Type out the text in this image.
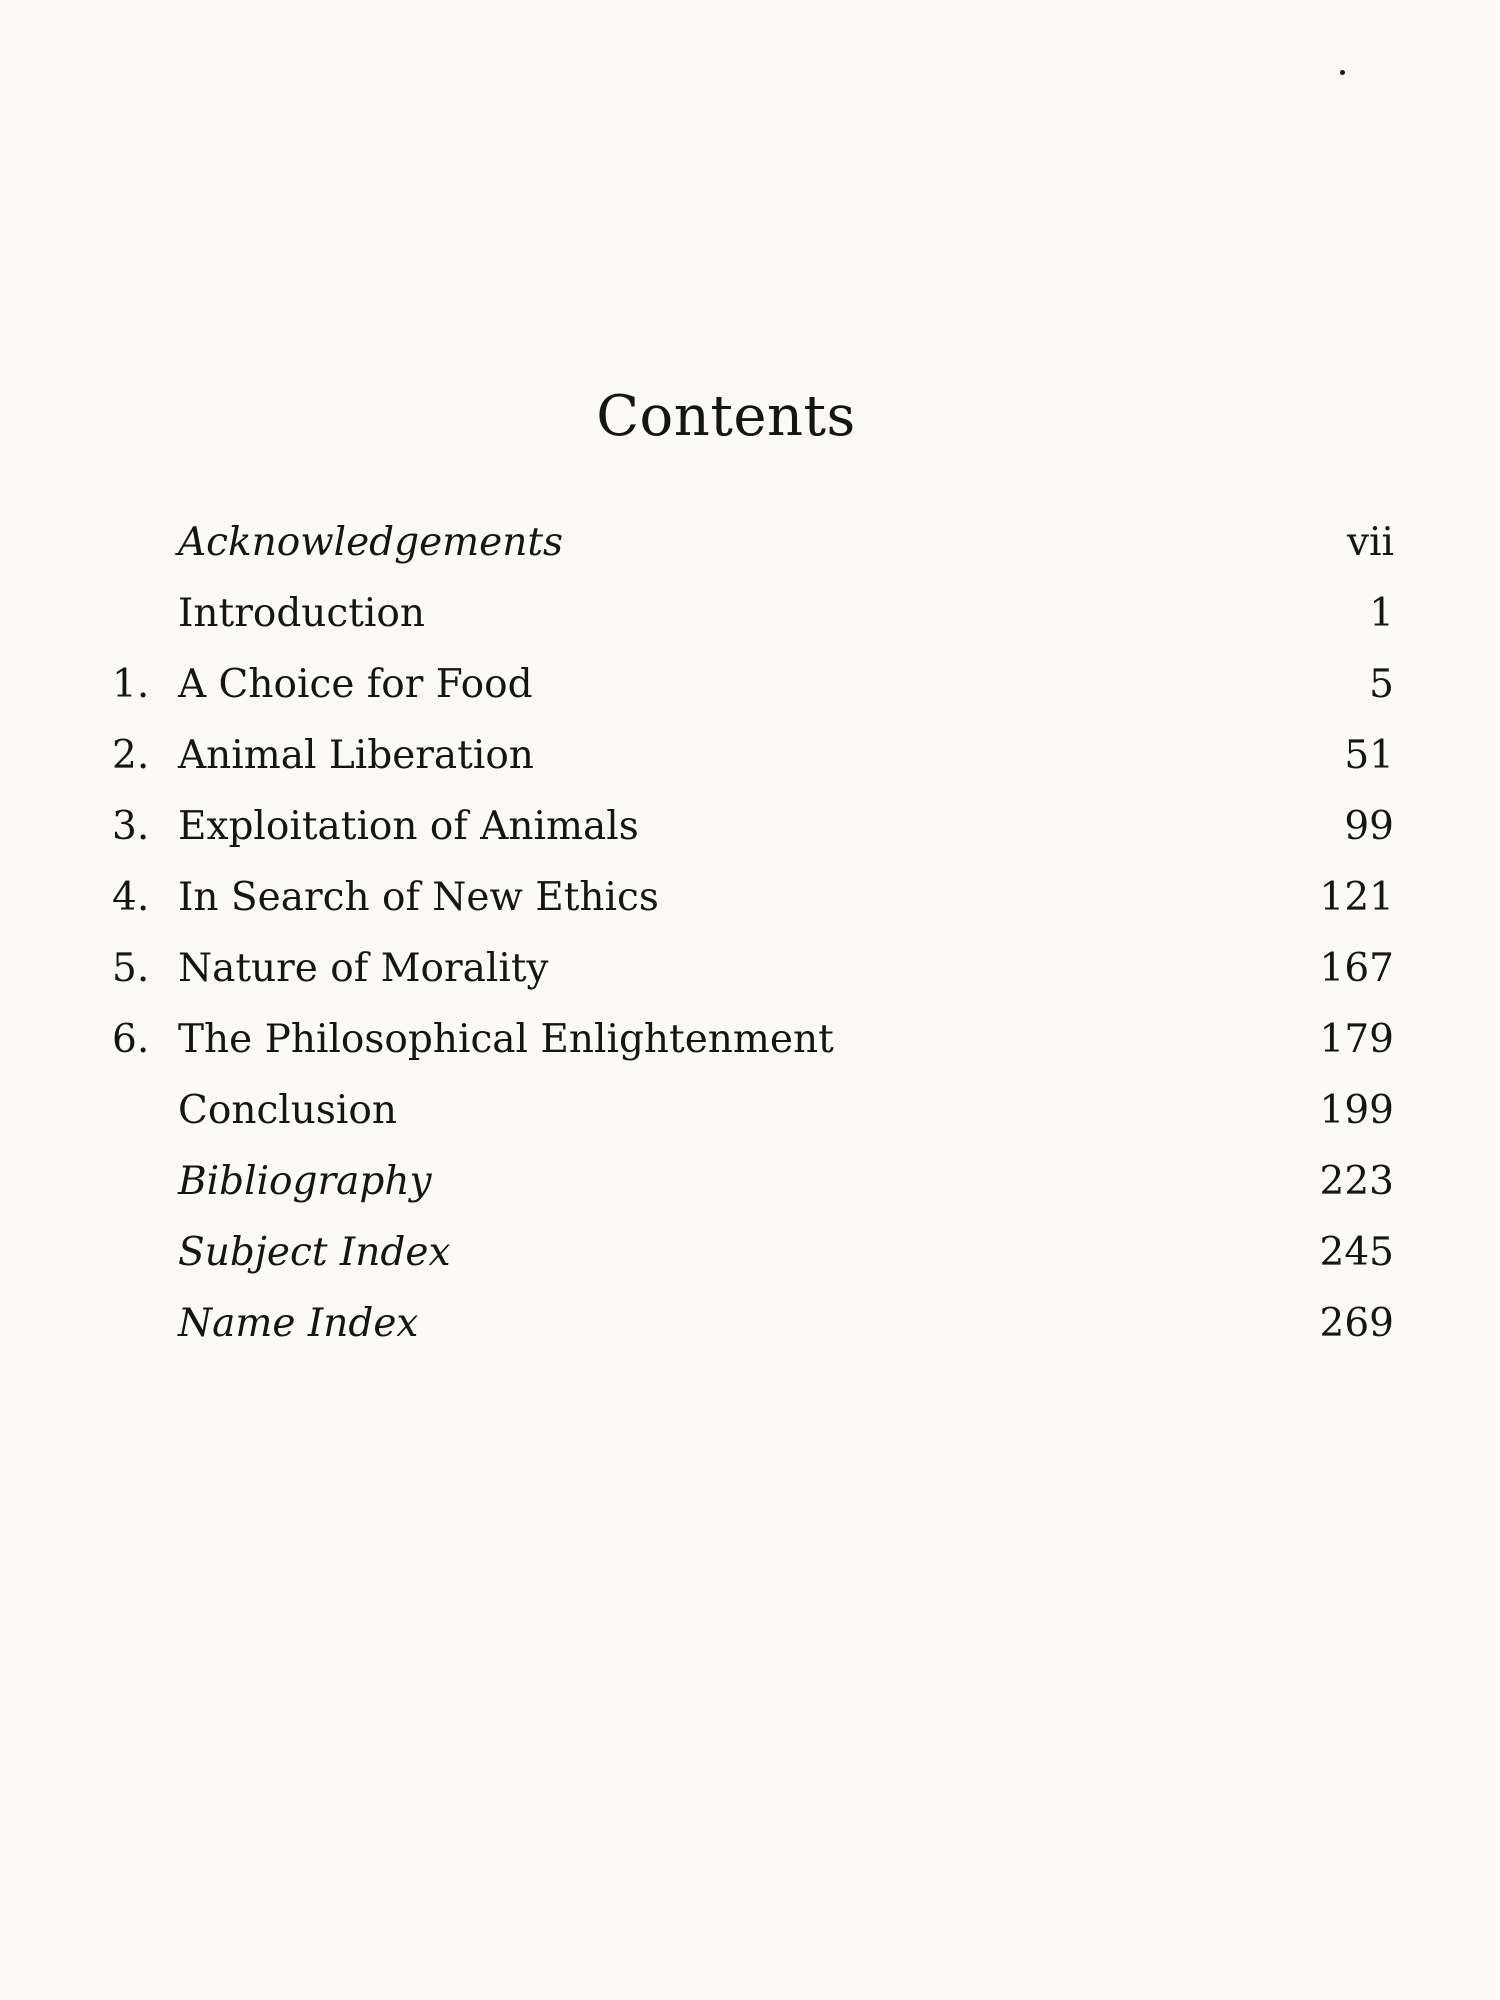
Contents
Acknowledgements	vii
Introduction	1
1. A Choice for Food	5
2. Animal Liberation	51
3. Exploitation of Animals	99
4. In Search of New Ethics	121
5. Nature of Morality	167
6. The Philosophical Enlightenment	179
Conclusion	199
Bibliography	223
Subject Index	245
Name Index	269
